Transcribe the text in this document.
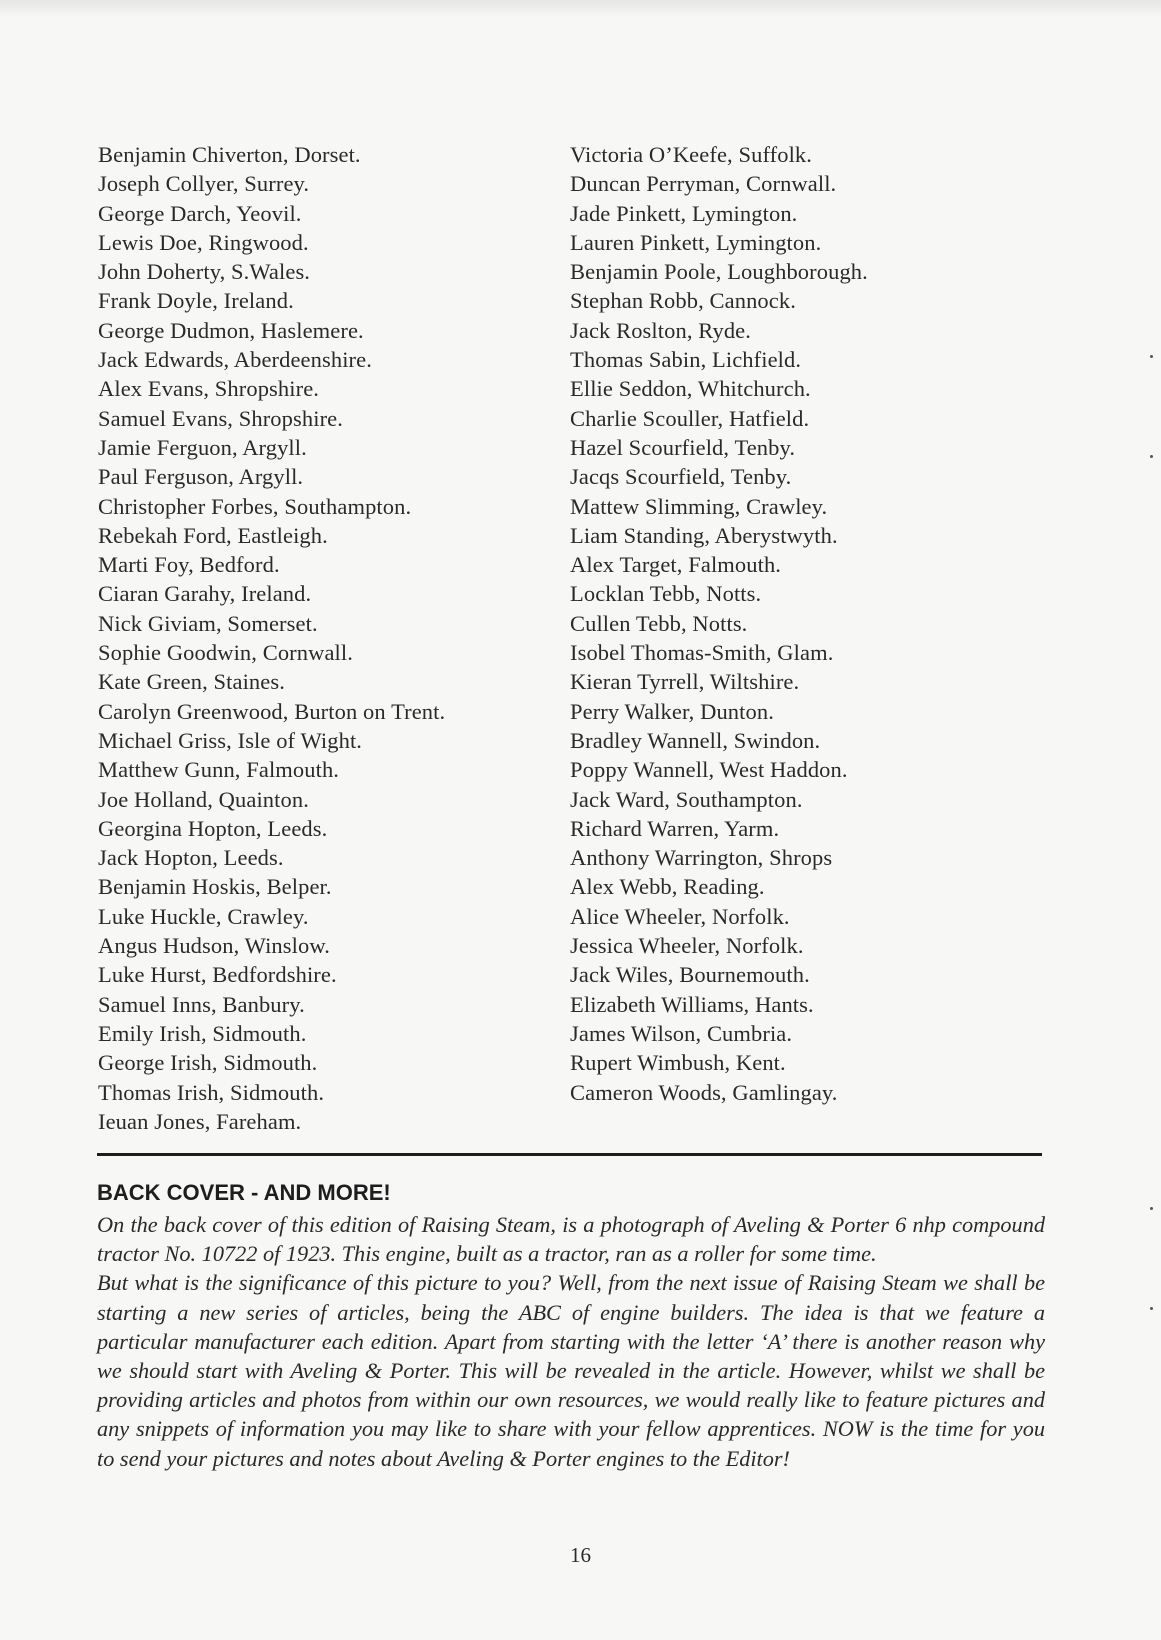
Benjamin Chiverton, Dorset.
Joseph Collyer, Surrey.
George Darch, Yeovil.
Lewis Doe, Ringwood.
John Doherty, S.Wales.
Frank Doyle, Ireland.
George Dudmon, Haslemere.
Jack Edwards, Aberdeenshire.
Alex Evans, Shropshire.
Samuel Evans, Shropshire.
Jamie Ferguon, Argyll.
Paul Ferguson, Argyll.
Christopher Forbes, Southampton.
Rebekah Ford, Eastleigh.
Marti Foy, Bedford.
Ciaran Garahy, Ireland.
Nick Giviam, Somerset.
Sophie Goodwin, Cornwall.
Kate Green, Staines.
Carolyn Greenwood, Burton on Trent.
Michael Griss, Isle of Wight.
Matthew Gunn, Falmouth.
Joe Holland, Quainton.
Georgina Hopton, Leeds.
Jack Hopton, Leeds.
Benjamin Hoskis, Belper.
Luke Huckle, Crawley.
Angus Hudson, Winslow.
Luke Hurst, Bedfordshire.
Samuel Inns, Banbury.
Emily Irish, Sidmouth.
George Irish, Sidmouth.
Thomas Irish, Sidmouth.
Ieuan Jones, Fareham.
Victoria O’Keefe, Suffolk.
Duncan Perryman, Cornwall.
Jade Pinkett, Lymington.
Lauren Pinkett, Lymington.
Benjamin Poole, Loughborough.
Stephan Robb, Cannock.
Jack Roslton, Ryde.
Thomas Sabin, Lichfield.
Ellie Seddon, Whitchurch.
Charlie Scouller, Hatfield.
Hazel Scourfield, Tenby.
Jacqs Scourfield, Tenby.
Mattew Slimming, Crawley.
Liam Standing, Aberystwyth.
Alex Target, Falmouth.
Locklan Tebb, Notts.
Cullen Tebb, Notts.
Isobel Thomas-Smith, Glam.
Kieran Tyrrell, Wiltshire.
Perry Walker, Dunton.
Bradley Wannell, Swindon.
Poppy Wannell, West Haddon.
Jack Ward, Southampton.
Richard Warren, Yarm.
Anthony Warrington, Shrops
Alex Webb, Reading.
Alice Wheeler, Norfolk.
Jessica Wheeler, Norfolk.
Jack Wiles, Bournemouth.
Elizabeth Williams, Hants.
James Wilson, Cumbria.
Rupert Wimbush, Kent.
Cameron Woods, Gamlingay.
BACK COVER - AND MORE!

On the back cover of this edition of Raising Steam, is a photograph of Aveling & Porter 6 nhp compound tractor No. 10722 of 1923. This engine, built as a tractor, ran as a roller for some time.

But what is the significance of this picture to you? Well, from the next issue of Raising Steam we shall be starting a new series of articles, being the ABC of engine builders. The idea is that we feature a particular manufacturer each edition. Apart from starting with the letter ‘A’ there is another reason why we should start with Aveling & Porter. This will be revealed in the article. However, whilst we shall be providing articles and photos from within our own resources, we would really like to feature pictures and any snippets of information you may like to share with your fellow apprentices. NOW is the time for you to send your pictures and notes about Aveling & Porter engines to the Editor!

16
